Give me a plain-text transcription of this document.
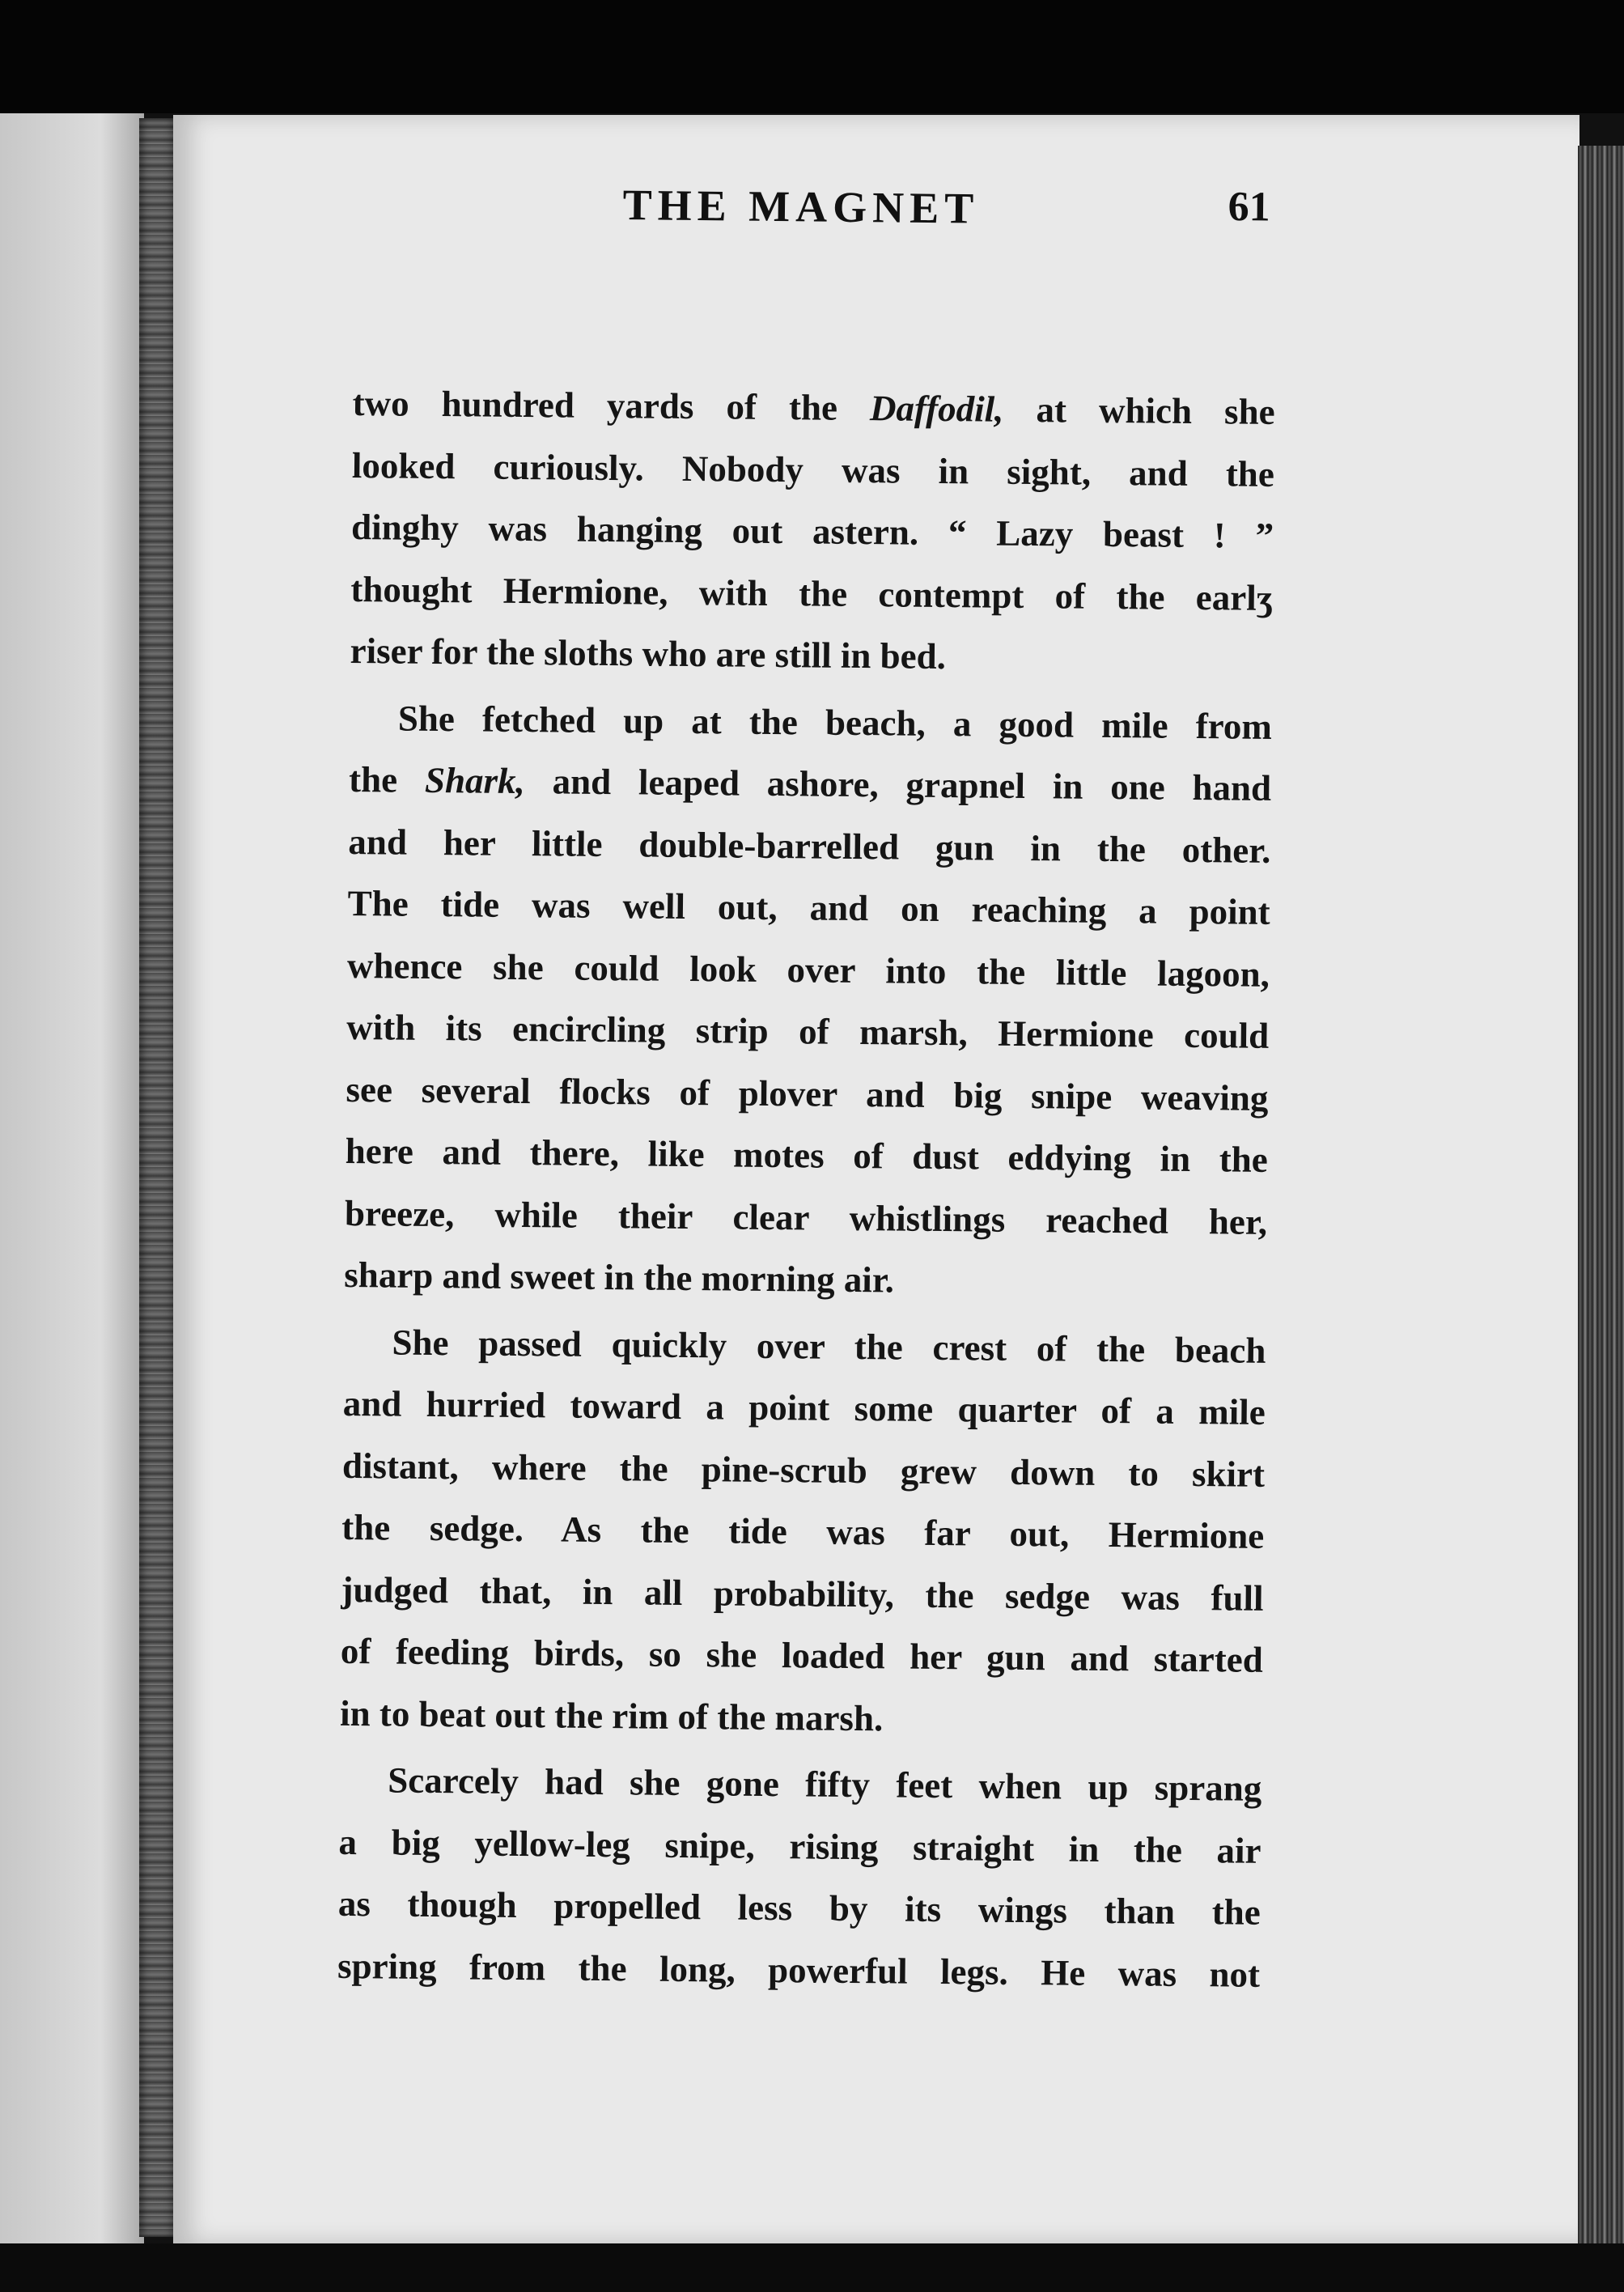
THE MAGNET	61

two hundred yards of the Daffodil, at which she

looked curiously. Nobody was in sight, and the

dinghy was hanging out astern. “ Lazy beast ! ”

thought Hermione, with the contempt of the earlʒ

riser for the sloths who are still in bed.

She fetched up at the beach, a good mile from

the Shark, and leaped ashore, grapnel in one hand

and her little double-barrelled gun in the other.

The tide was well out, and on reaching a point

whence she could look over into the little lagoon,

with its encircling strip of marsh, Hermione could

see several flocks of plover and big snipe weaving

here and there, like motes of dust eddying in the

breeze, while their clear whistlings reached her,

sharp and sweet in the morning air.

She passed quickly over the crest of the beach

and hurried toward a point some quarter of a mile

distant, where the pine-scrub grew down to skirt

the sedge. As the tide was far out, Hermione

judged that, in all probability, the sedge was full

of feeding birds, so she loaded her gun and started

in to beat out the rim of the marsh.

Scarcely had she gone fifty feet when up sprang

a big yellow-leg snipe, rising straight in the air

as though propelled less by its wings than the

spring from the long, powerful legs. He was not
